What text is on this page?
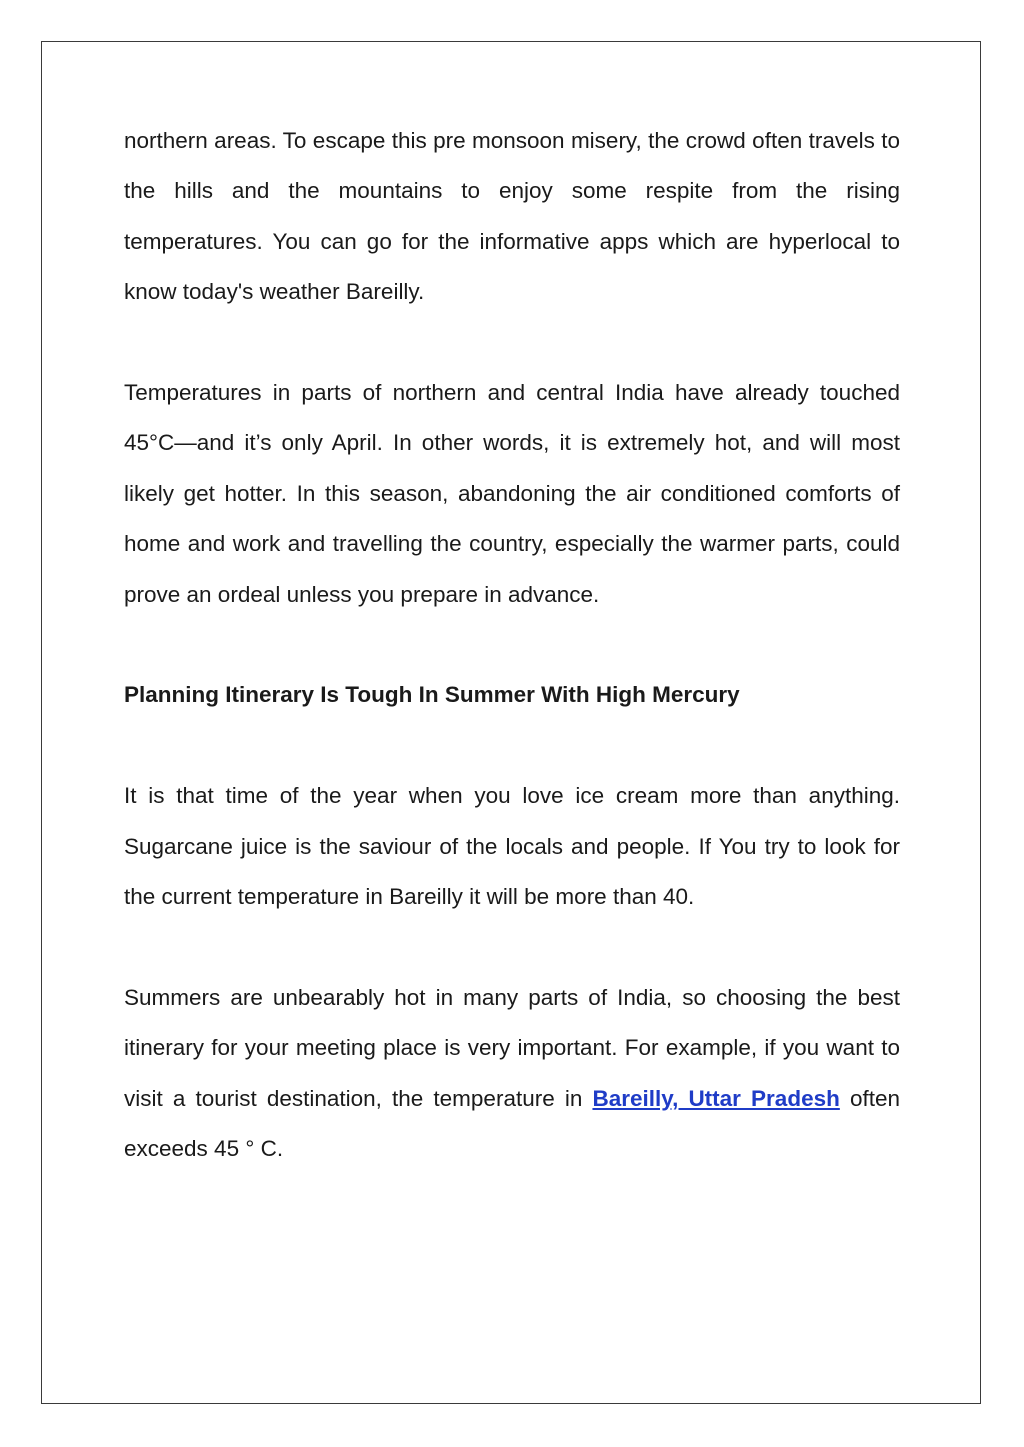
northern areas. To escape this pre monsoon misery, the crowd often travels to the hills and the mountains to enjoy some respite from the rising temperatures. You can go for the informative apps which are hyperlocal to know today's weather Bareilly.

Temperatures in parts of northern and central India have already touched 45°C—and it’s only April. In other words, it is extremely hot, and will most likely get hotter. In this season, abandoning the air conditioned comforts of home and work and travelling the country, especially the warmer parts, could prove an ordeal unless you prepare in advance.

Planning Itinerary Is Tough In Summer With High Mercury

It is that time of the year when you love ice cream more than anything. Sugarcane juice is the saviour of the locals and people. If You try to look for the current temperature in Bareilly it will be more than 40.

Summers are unbearably hot in many parts of India, so choosing the best itinerary for your meeting place is very important. For example, if you want to visit a tourist destination, the temperature in Bareilly, Uttar Pradesh often exceeds 45 ° C.
